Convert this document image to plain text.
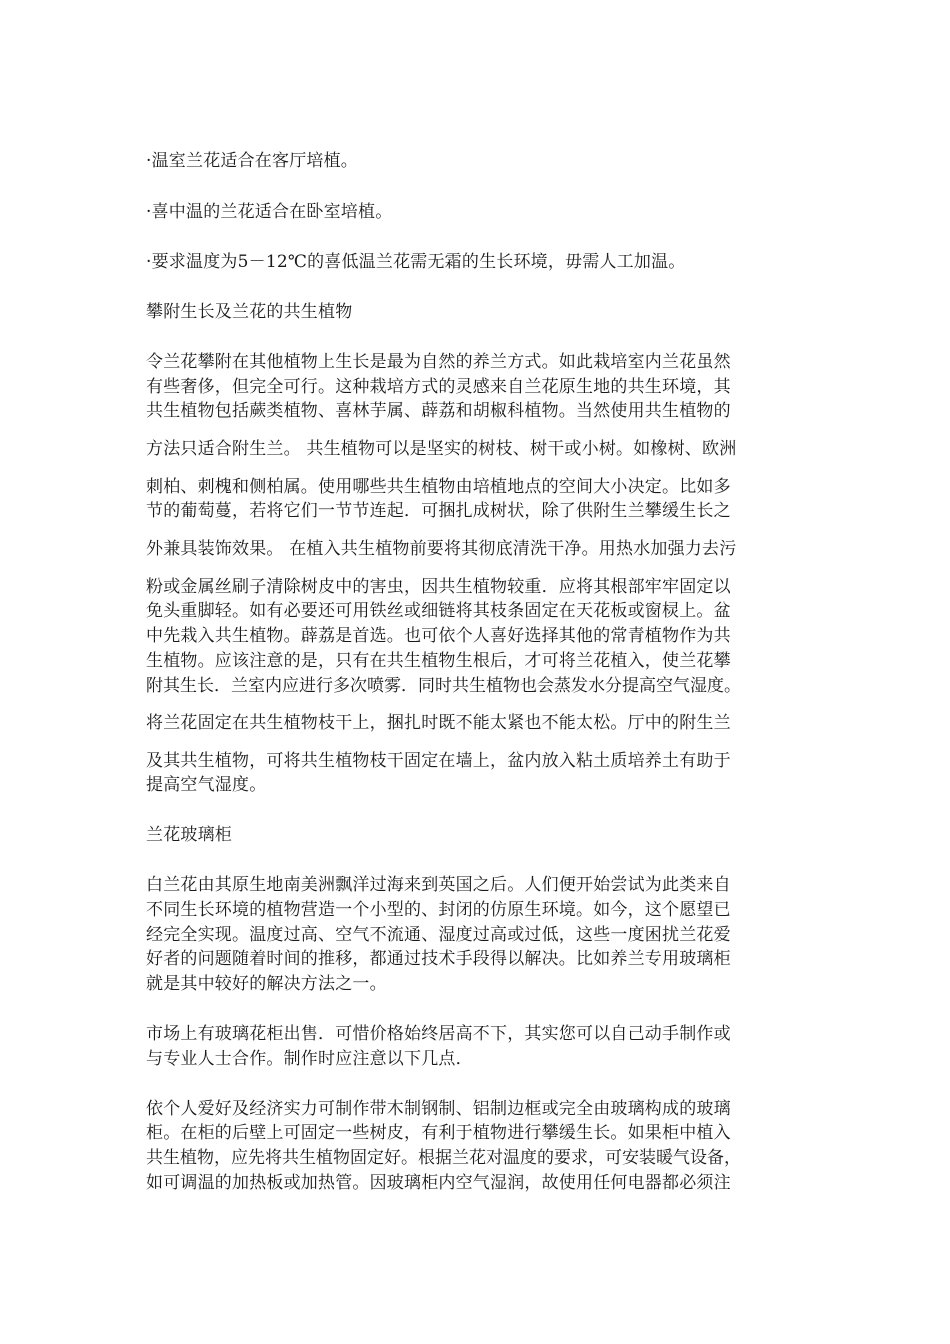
·温室兰花适合在客厅培植。
·喜中温的兰花适合在卧室培植。
·要求温度为5－12℃的喜低温兰花需无霜的生长环境，毋需人工加温。
攀附生长及兰花的共生植物
令兰花攀附在其他植物上生长是最为自然的养兰方式。如此栽培室内兰花虽然
有些奢侈，但完全可行。这种栽培方式的灵感来自兰花原生地的共生环境，其
共生植物包括蕨类植物、喜林芋属、薜荔和胡椒科植物。当然使用共生植物的
方法只适合附生兰。 共生植物可以是坚实的树枝、树干或小树。如橡树、欧洲
刺柏、刺槐和侧柏属。使用哪些共生植物由培植地点的空间大小决定。比如多
节的葡萄蔓，若将它们一节节连起．可捆扎成树状，除了供附生兰攀缓生长之
外兼具装饰效果。 在植入共生植物前要将其彻底清洗干净。用热水加强力去污
粉或金属丝刷子清除树皮中的害虫，因共生植物较重．应将其根部牢牢固定以
免头重脚轻。如有必要还可用铁丝或细链将其枝条固定在天花板或窗棂上。盆
中先栽入共生植物。薜荔是首选。也可依个人喜好选择其他的常青植物作为共
生植物。应该注意的是，只有在共生植物生根后，才可将兰花植入，使兰花攀
附其生长．兰室内应进行多次喷雾．同时共生植物也会蒸发水分提高空气湿度。
将兰花固定在共生植物枝干上，捆扎时既不能太紧也不能太松。厅中的附生兰
及其共生植物，可将共生植物枝干固定在墙上，盆内放入粘土质培养土有助于
提高空气湿度。
兰花玻璃柜
白兰花由其原生地南美洲飘洋过海来到英国之后。人们便开始尝试为此类来自
不同生长环境的植物营造一个小型的、封闭的仿原生环境。如今，这个愿望已
经完全实现。温度过高、空气不流通、湿度过高或过低，这些一度困扰兰花爱
好者的问题随着时间的推移，都通过技术手段得以解决。比如养兰专用玻璃柜
就是其中较好的解决方法之一。
市场上有玻璃花柜出售．可惜价格始终居高不下，其实您可以自己动手制作或
与专业人士合作。制作时应注意以下几点．
依个人爱好及经济实力可制作带木制钢制、铝制边框或完全由玻璃构成的玻璃
柜。在柜的后壁上可固定一些树皮，有利于植物进行攀缓生长。如果柜中植入
共生植物，应先将共生植物固定好。根据兰花对温度的要求，可安装暖气设备，
如可调温的加热板或加热管。因玻璃柜内空气湿润，故使用任何电器都必须注
